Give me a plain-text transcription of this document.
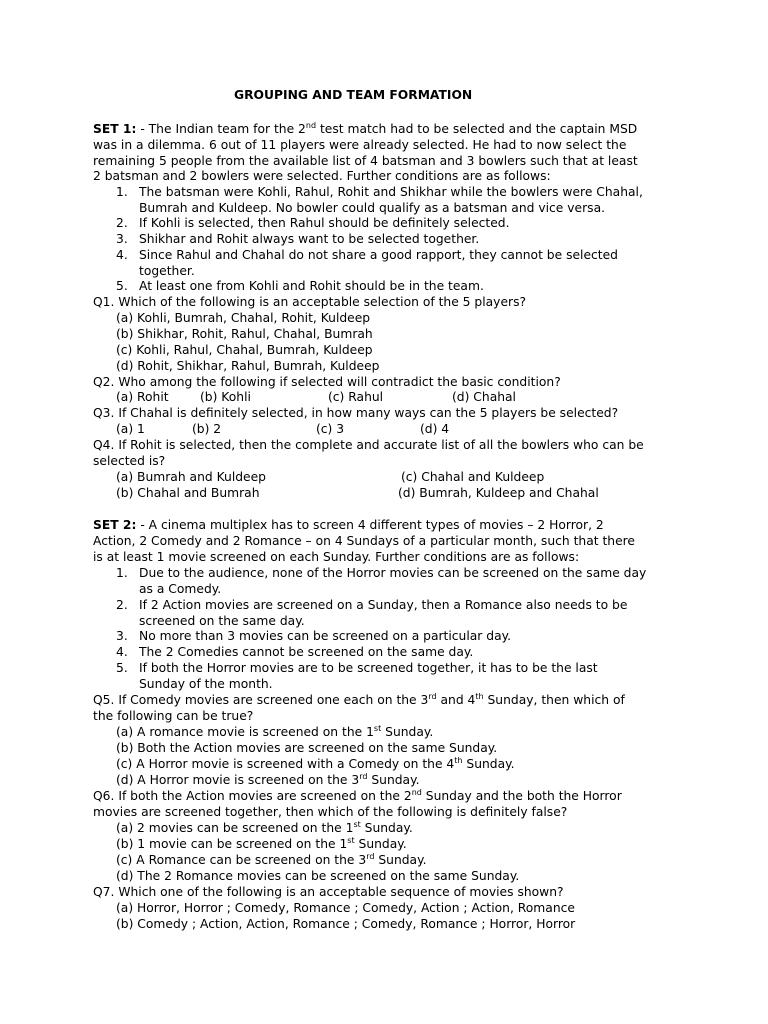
GROUPING AND TEAM FORMATION
SET 1: - The Indian team for the 2nd test match had to be selected and the captain MSD
was in a dilemma. 6 out of 11 players were already selected. He had to now select the
remaining 5 people from the available list of 4 batsman and 3 bowlers such that at least
2 batsman and 2 bowlers were selected. Further conditions are as follows:
1. The batsman were Kohli, Rahul, Rohit and Shikhar while the bowlers were Chahal,
Bumrah and Kuldeep. No bowler could qualify as a batsman and vice versa.
2. If Kohli is selected, then Rahul should be definitely selected.
3. Shikhar and Rohit always want to be selected together.
4. Since Rahul and Chahal do not share a good rapport, they cannot be selected
together.
5. At least one from Kohli and Rohit should be in the team.
Q1. Which of the following is an acceptable selection of the 5 players?
(a) Kohli, Bumrah, Chahal, Rohit, Kuldeep
(b) Shikhar, Rohit, Rahul, Chahal, Bumrah
(c) Kohli, Rahul, Chahal, Bumrah, Kuldeep
(d) Rohit, Shikhar, Rahul, Bumrah, Kuldeep
Q2. Who among the following if selected will contradict the basic condition?
(a) Rohit	(b) Kohli	(c) Rahul	(d) Chahal
Q3. If Chahal is definitely selected, in how many ways can the 5 players be selected?
(a) 1	(b) 2	(c) 3	(d) 4
Q4. If Rohit is selected, then the complete and accurate list of all the bowlers who can be
selected is?
(a) Bumrah and Kuldeep	(c) Chahal and Kuldeep
(b) Chahal and Bumrah	(d) Bumrah, Kuldeep and Chahal
SET 2: - A cinema multiplex has to screen 4 different types of movies – 2 Horror, 2
Action, 2 Comedy and 2 Romance – on 4 Sundays of a particular month, such that there
is at least 1 movie screened on each Sunday. Further conditions are as follows:
1. Due to the audience, none of the Horror movies can be screened on the same day
as a Comedy.
2. If 2 Action movies are screened on a Sunday, then a Romance also needs to be
screened on the same day.
3. No more than 3 movies can be screened on a particular day.
4. The 2 Comedies cannot be screened on the same day.
5. If both the Horror movies are to be screened together, it has to be the last
Sunday of the month.
Q5. If Comedy movies are screened one each on the 3rd and 4th Sunday, then which of
the following can be true?
(a) A romance movie is screened on the 1st Sunday.
(b) Both the Action movies are screened on the same Sunday.
(c) A Horror movie is screened with a Comedy on the 4th Sunday.
(d) A Horror movie is screened on the 3rd Sunday.
Q6. If both the Action movies are screened on the 2nd Sunday and the both the Horror
movies are screened together, then which of the following is definitely false?
(a) 2 movies can be screened on the 1st Sunday.
(b) 1 movie can be screened on the 1st Sunday.
(c) A Romance can be screened on the 3rd Sunday.
(d) The 2 Romance movies can be screened on the same Sunday.
Q7. Which one of the following is an acceptable sequence of movies shown?
(a) Horror, Horror ; Comedy, Romance ; Comedy, Action ; Action, Romance
(b) Comedy ; Action, Action, Romance ; Comedy, Romance ; Horror, Horror
